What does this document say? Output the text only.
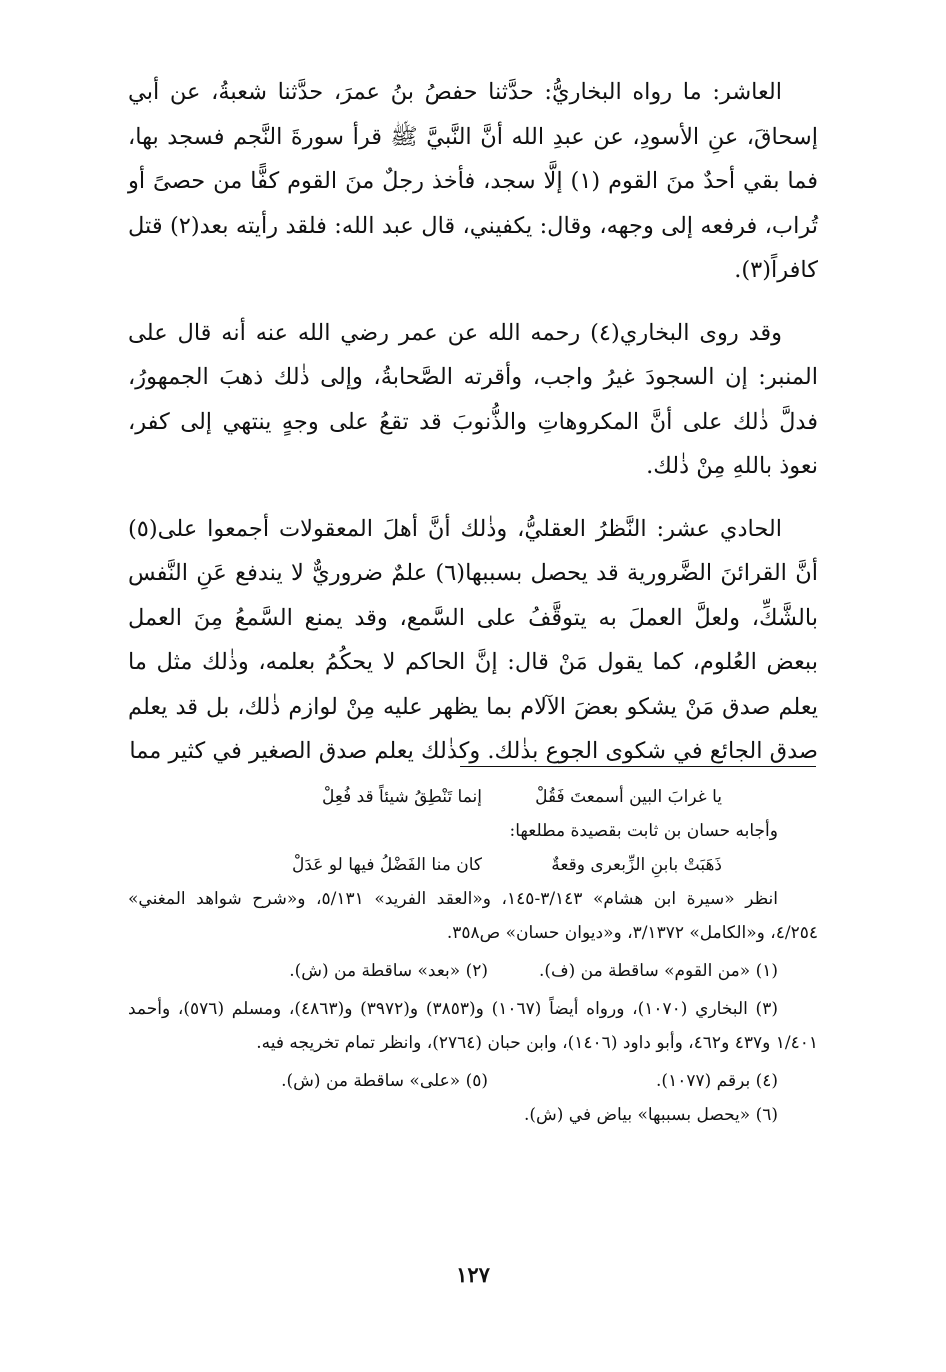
العاشر: ما رواه البخاريُّ: حدَّثنا حفصُ بنُ عمرَ، حدَّثنا شعبةُ، عن أبي إسحاقَ، عنِ الأسودِ، عن عبدِ الله أنَّ النَّبيَّ ﷺ قرأ سورةَ النَّجم فسجد بها، فما بقي أحدٌ منَ القوم (١) إلَّا سجد، فأخذ رجلٌ منَ القوم كفًّا من حصىً أو تُراب، فرفعه إلى وجهه، وقال: يكفيني، قال عبد الله: فلقد رأيته بعد(٢) قتل كافراً(٣).

وقد روى البخاري(٤) رحمه الله عن عمر رضي الله عنه أنه قال على المنبر: إن السجودَ غيرُ واجب، وأقرته الصَّحابةُ، وإلى ذٰلك ذهبَ الجمهورُ، فدلَّ ذٰلك على أنَّ المكروهاتِ والذُّنوبَ قد تقعُ على وجهٍ ينتهي إلى كفر، نعوذ باللهِ مِنْ ذٰلك.

الحادي عشر: النَّظرُ العقليُّ، وذٰلك أنَّ أهلَ المعقولات أجمعوا على(٥) أنَّ القرائنَ الضَّرورية قد يحصل بسببها(٦) علمٌ ضروريٌّ لا يندفع عَنِ النَّفس بالشَّكِّ، ولعلَّ العملَ به يتوقَّفُ على السَّمع، وقد يمنع السَّمعُ مِنَ العمل ببعض العُلوم، كما يقول مَنْ قال: إنَّ الحاكم لا يحكُمُ بعلمه، وذٰلك مثل ما يعلم صدق مَنْ يشكو بعضَ الآلام بما يظهر عليه مِنْ لوازم ذٰلك، بل قد يعلم صدق الجائع في شكوى الجوع بذٰلك. وكذٰلك يعلم صدق الصغير في كثير مما

يا غرابَ البين أسمعتَ فَقُلْ
إنما تَنْطِقُ شيئاً قد فُعِلْ
وأجابه حسان بن ثابت بقصيدة مطلعها:
ذَهَبَتْ بابنِ الزِّبعرى وقعةٌ
كان منا الفَضْلُ فيها لو عَدَلْ

انظر «سيرة ابن هشام» ٣/١٤٣-١٤٥، و«العقد الفريد» ٥/١٣١، و«شرح شواهد المغني» ٤/٢٥٤، و«الكامل» ٣/١٣٧٢، و«ديوان حسان» ص٣٥٨.

(١) «من القوم» ساقطة من (ف).
(٢) «بعد» ساقطة من (ش).

(٣) البخاري (١٠٧٠)، ورواه أيضاً (١٠٦٧) و(٣٨٥٣) و(٣٩٧٢) و(٤٨٦٣)، ومسلم (٥٧٦)، وأحمد ١/٤٠١ و٤٣٧ و٤٦٢، وأبو داود (١٤٠٦)، وابن حبان (٢٧٦٤)، وانظر تمام تخريجه فيه.

(٤) برقم (١٠٧٧).
(٥) «على» ساقطة من (ش).
(٦) «يحصل بسببها» بياض في (ش).
١٢٧
